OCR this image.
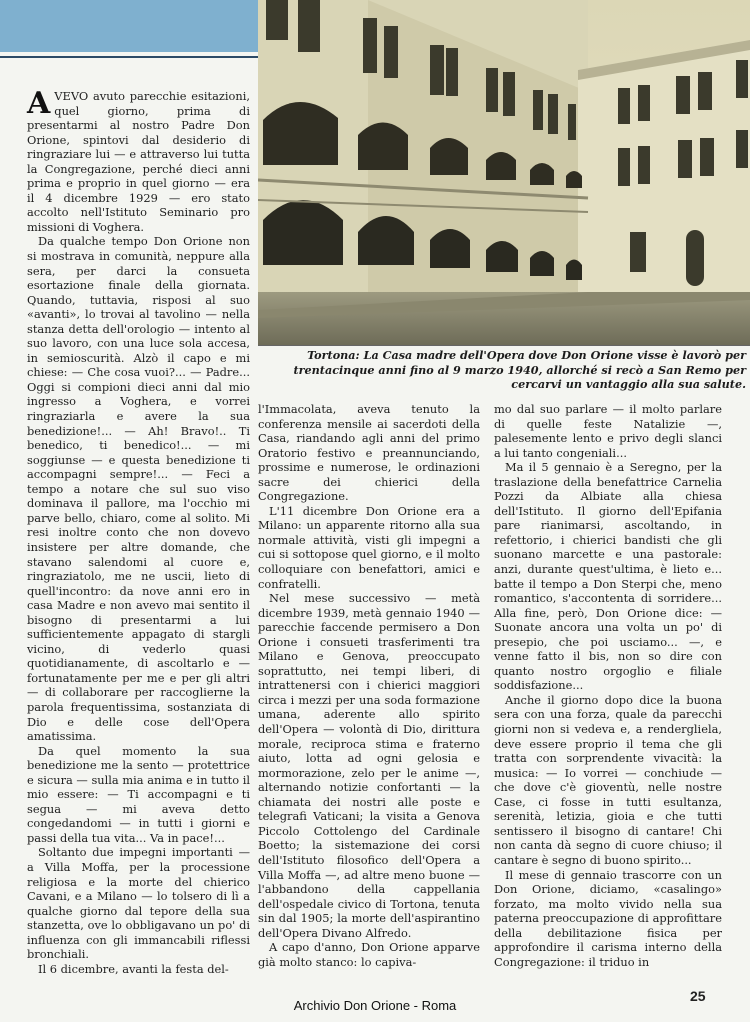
Tortona: La Casa madre dell'Opera dove Don Orione visse è lavorò per trentacinque anni fino al 9 marzo 1940, allorché si recò a San Remo per cercarvi un vantaggio alla sua salute.

AVEVO avuto parecchie esitazioni, quel giorno, prima di presentarmi al nostro Padre Don Orione, spintovi dal desiderio di ringraziare lui — e attraverso lui tutta la Congregazione, perché dieci anni prima e proprio in quel giorno — era il 4 dicembre 1929 — ero stato accolto nell'Istituto Seminario pro missioni di Voghera.

Da qualche tempo Don Orione non si mostrava in comunità, neppure alla sera, per darci la consueta esortazione finale della giornata. Quando, tuttavia, risposi al suo «avanti», lo trovai al tavolino — nella stanza detta dell'orologio — intento al suo lavoro, con una luce sola accesa, in semioscurità. Alzò il capo e mi chiese: — Che cosa vuoi?... — Padre... Oggi si compioni dieci anni dal mio ingresso a Voghera, e vorrei ringraziarla e avere la sua benedizione!... — Ah! Bravo!.. Ti benedico, ti benedico!... — mi soggiunse — e questa benedizione ti accompagni sempre!... — Feci a tempo a notare che sul suo viso dominava il pallore, ma l'occhio mi parve bello, chiaro, come al solito. Mi resi inoltre conto che non dovevo insistere per altre domande, che stavano salendomi al cuore e, ringraziatolo, me ne uscii, lieto di quell'incontro: da nove anni ero in casa Madre e non avevo mai sentito il bisogno di presentarmi a lui sufficientemente appagato di stargli vicino, di vederlo quasi quotidianamente, di ascoltarlo e — fortunatamente per me e per gli altri — di collaborare per raccoglierne la parola frequentissima, sostanziata di Dio e delle cose dell'Opera amatissima.

Da quel momento la sua benedizione me la sento — protettrice e sicura — sulla mia anima e in tutto il mio essere: — Ti accompagni e ti segua — mi aveva detto congedandomi — in tutti i giorni e passi della tua vita... Va in pace!...

Soltanto due impegni importanti — a Villa Moffa, per la processione religiosa e la morte del chierico Cavani, e a Milano — lo tolsero di lì a qualche giorno dal tepore della sua stanzetta, ove lo obbligavano un po' di influenza con gli immancabili riflessi bronchiali.

Il 6 dicembre, avanti la festa del-

l'Immacolata, aveva tenuto la conferenza mensile ai sacerdoti della Casa, riandando agli anni del primo Oratorio festivo e preannunciando, prossime e numerose, le ordinazioni sacre dei chierici della Congregazione.

L'11 dicembre Don Orione era a Milano: un apparente ritorno alla sua normale attività, visti gli impegni a cui si sottopose quel giorno, e il molto colloquiare con benefattori, amici e confratelli.

Nel mese successivo — metà dicembre 1939, metà gennaio 1940 — parecchie faccende permisero a Don Orione i consueti trasferimenti tra Milano e Genova, preoccupato soprattutto, nei tempi liberi, di intrattenersi con i chierici maggiori circa i mezzi per una soda formazione umana, aderente allo spirito dell'Opera — volontà di Dio, dirittura morale, reciproca stima e fraterno aiuto, lotta ad ogni gelosia e mormorazione, zelo per le anime —, alternando notizie confortanti — la chiamata dei nostri alle poste e telegrafi Vaticani; la visita a Genova Piccolo Cottolengo del Cardinale Boetto; la sistemazione dei corsi dell'Istituto filosofico dell'Opera a Villa Moffa —, ad altre meno buone — l'abbandono della cappellania dell'ospedale civico di Tortona, tenuta sin dal 1905; la morte dell'aspirantino dell'Opera Divano Alfredo.

A capo d'anno, Don Orione apparve già molto stanco: lo capiva-

mo dal suo parlare — il molto parlare di quelle feste Natalizie —, palesemente lento e privo degli slanci a lui tanto congeniali...

Ma il 5 gennaio è a Seregno, per la traslazione della benefattrice Carnelia Pozzi da Albiate alla chiesa dell'Istituto. Il giorno dell'Epifania pare rianimarsi, ascoltando, in refettorio, i chierici bandisti che gli suonano marcette e una pastorale: anzi, durante quest'ultima, è lieto e... batte il tempo a Don Sterpi che, meno romantico, s'accontenta di sorridere... Alla fine, però, Don Orione dice: — Suonate ancora una volta un po' di presepio, che poi usciamo... —, e venne fatto il bis, non so dire con quanto nostro orgoglio e filiale soddisfazione...

Anche il giorno dopo dice la buona sera con una forza, quale da parecchi giorni non si vedeva e, a rendergliela, deve essere proprio il tema che gli tratta con sorprendente vivacità: la musica: — Io vorrei — conchiude — che dove c'è gioventù, nelle nostre Case, ci fosse in tutti esultanza, serenità, letizia, gioia e che tutti sentissero il bisogno di cantare! Chi non canta dà segno di cuore chiuso; il cantare è segno di buono spirito...

Il mese di gennaio trascorre con un Don Orione, diciamo, «casalingo» forzato, ma molto vivido nella sua paterna preoccupazione di approfittare della debilitazione fisica per approfondire il carisma interno della Congregazione: il triduo in

25
Archivio Don Orione - Roma
